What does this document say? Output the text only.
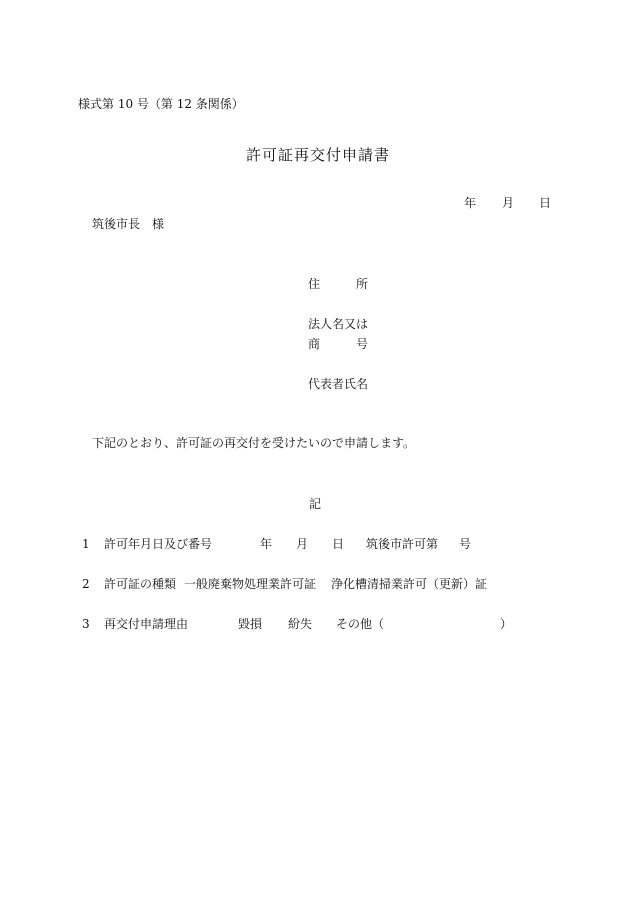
様式第 10 号（第 12 条関係）
許可証再交付申請書
年 月 日
筑後市長　様
住	所
法人名又は
商	号
代表者氏名
下記のとおり、許可証の再交付を受けたいので申請します。
記
1 許可年月日及び番号	年 月 日 筑後市許可第 号
2 許可証の種類 一般廃棄物処理業許可証 浄化槽清掃業許可（更新）証
3 再交付申請理由	毀損 紛失 その他（	）
